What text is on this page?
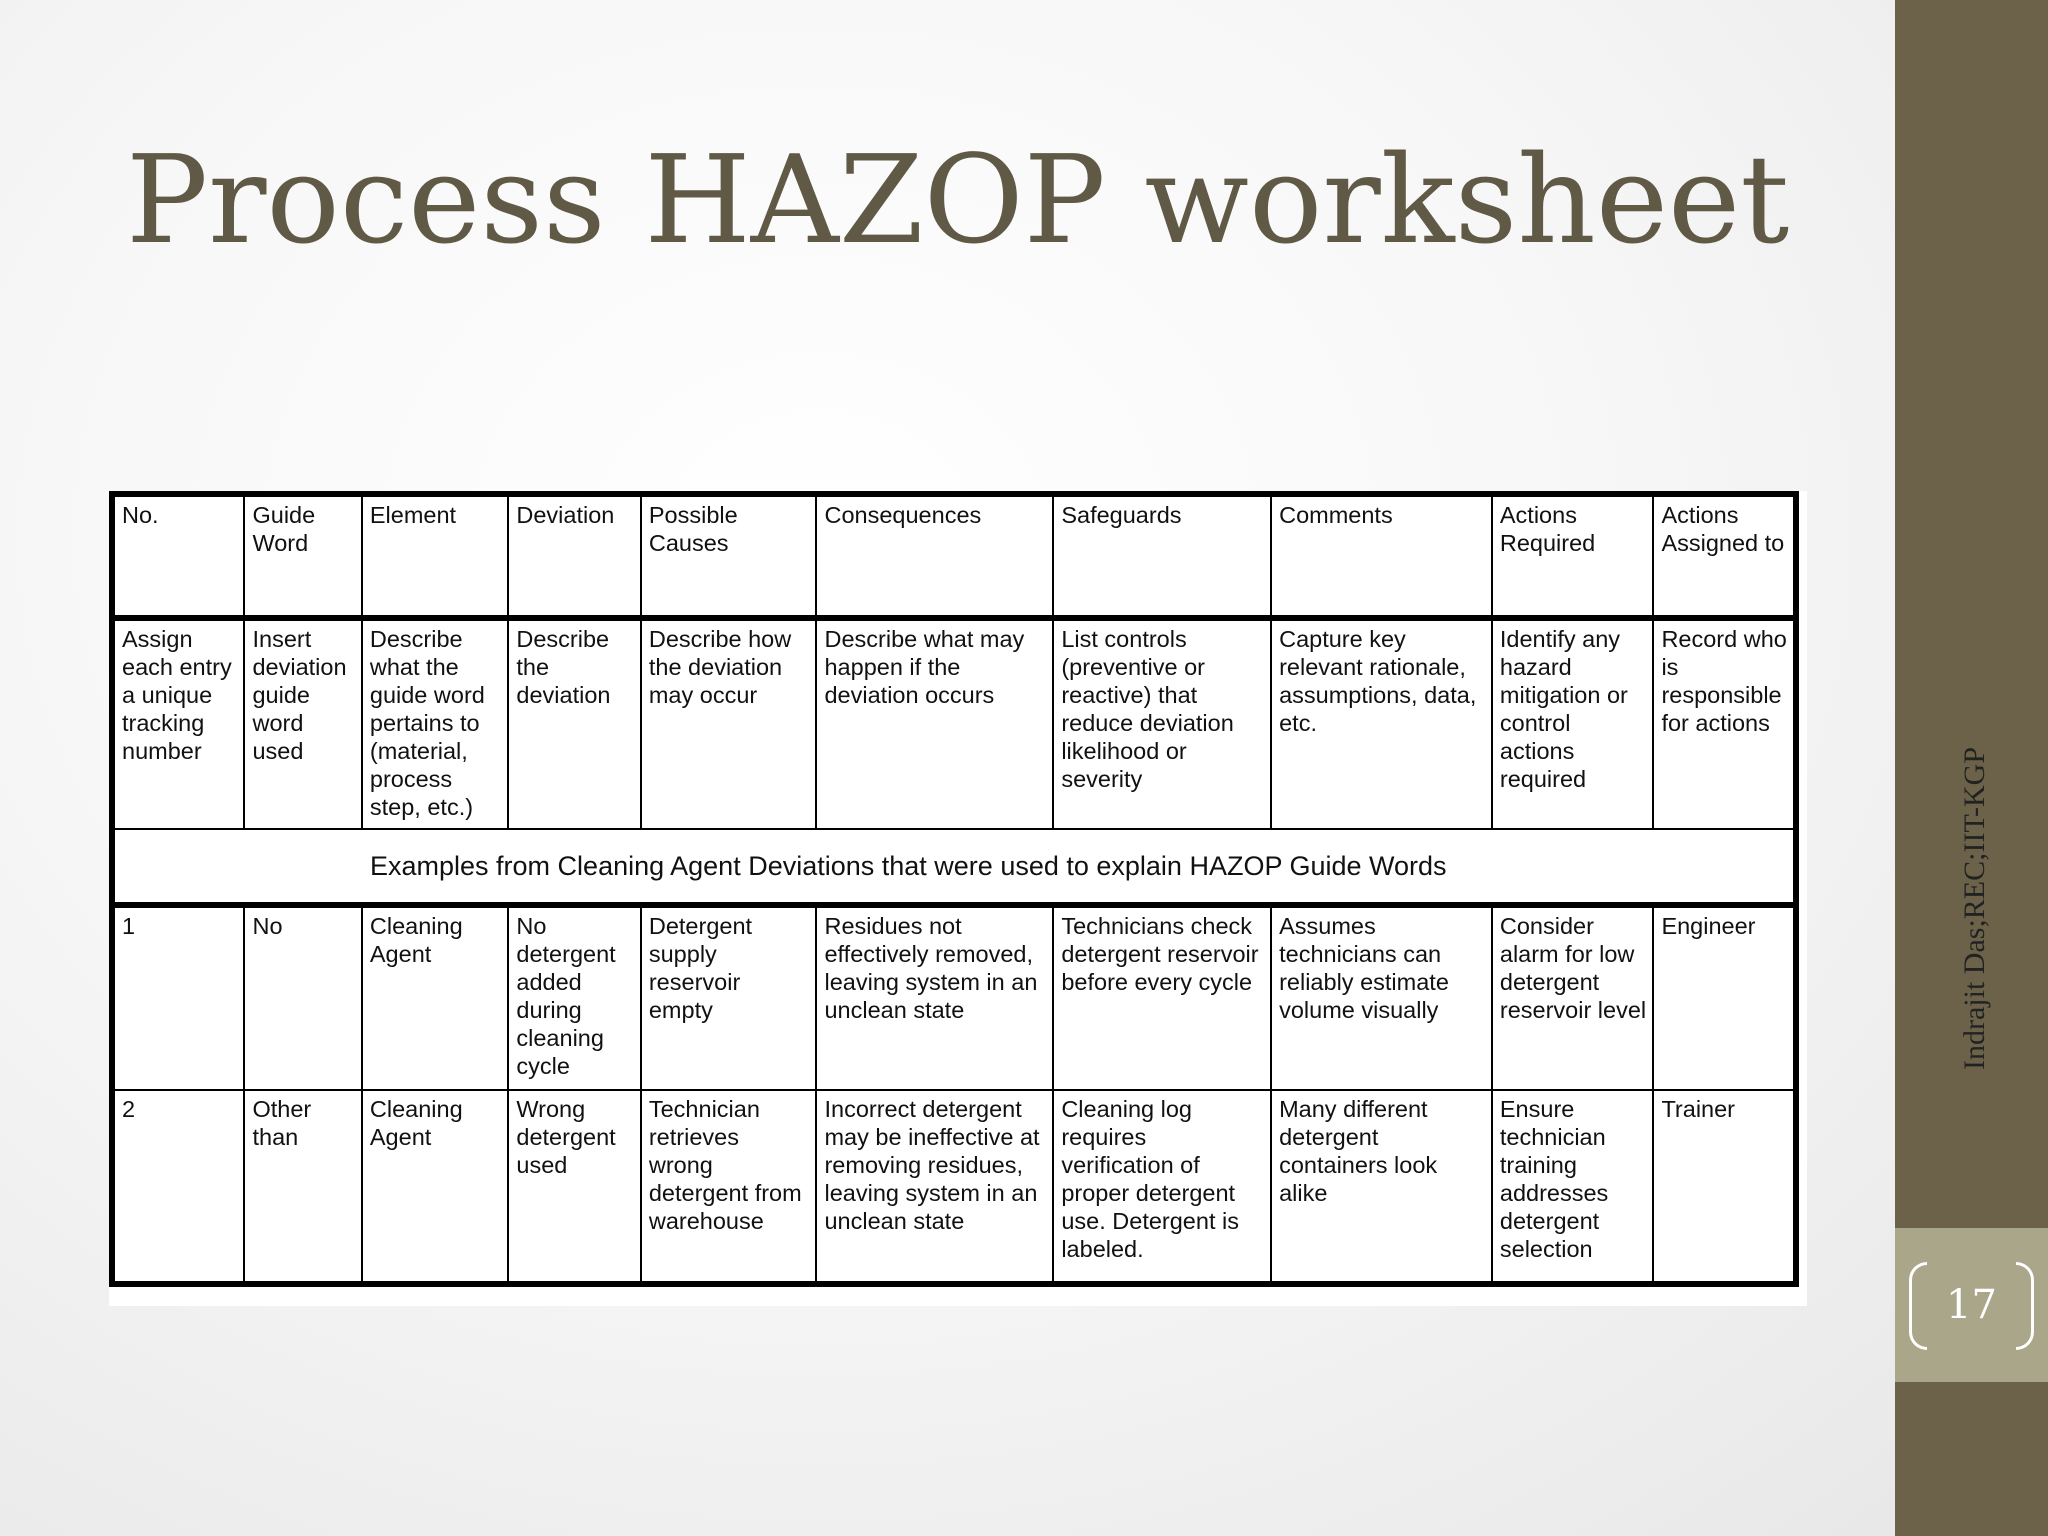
Process HAZOP worksheet
Indrajit Das;REC;IIT-KGP
17
No.	Guide Word	Element	Deviation	Possible Causes	Consequences	Safeguards	Comments	Actions Required	Actions Assigned to
Assign each entry a unique tracking number	Insert deviation guide word used	Describe what the guide word pertains to (material, process step, etc.)	Describe the deviation	Describe how the deviation may occur	Describe what may happen if the deviation occurs	List controls (preventive or reactive) that reduce deviation likelihood or severity	Capture key relevant rationale, assumptions, data, etc.	Identify any hazard mitigation or control actions required	Record who is responsible for actions
Examples from Cleaning Agent Deviations that were used to explain HAZOP Guide Words									
1	No	Cleaning Agent	No detergent added during cleaning cycle	Detergent supply reservoir empty	Residues not effectively removed, leaving system in an unclean state	Technicians check detergent reservoir before every cycle	Assumes technicians can reliably estimate volume visually	Consider alarm for low detergent reservoir level	Engineer
2	Other than	Cleaning Agent	Wrong detergent used	Technician retrieves wrong detergent from warehouse	Incorrect detergent may be ineffective at removing residues, leaving system in an unclean state	Cleaning log requires verification of proper detergent use. Detergent is labeled.	Many different detergent containers look alike	Ensure technician training addresses detergent selection	Trainer
